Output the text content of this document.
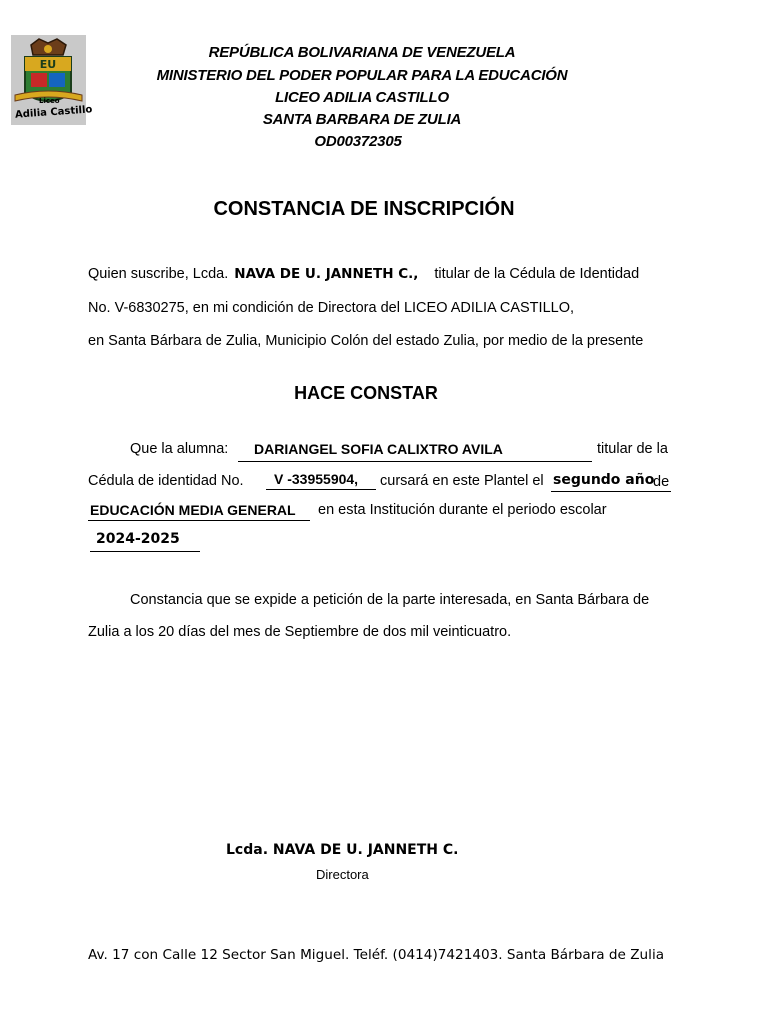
EU
Liceo
Adilia Castillo
REPÚBLICA BOLIVARIANA DE VENEZUELA
MINISTERIO DEL PODER POPULAR PARA LA EDUCACIÓN
LICEO ADILIA CASTILLO
SANTA BARBARA DE ZULIA
OD00372305
CONSTANCIA DE INSCRIPCIÓN
Quien suscribe, Lcda. NAVA DE U. JANNETH C., titular de la Cédula de Identidad
No. V-6830275, en mi condición de Directora del LICEO ADILIA CASTILLO,
en Santa Bárbara de Zulia, Municipio Colón del estado Zulia, por medio de la presente
HACE CONSTAR
Que la alumna: DARIANGEL SOFIA CALIXTRO AVILA	titular de la
Cédula de identidad No. V -33955904, cursará en este Plantel el segundo año
de
EDUCACIÓN MEDIA GENERAL en esta Institución durante el periodo escolar
2024-2025
Constancia que se expide a petición de la parte interesada, en Santa Bárbara de
Zulia a los 20 días del mes de Septiembre de dos mil veinticuatro.
Lcda. NAVA DE U. JANNETH C.
Directora
Av. 17 con Calle 12 Sector San Miguel. Teléf. (0414)7421403. Santa Bárbara de Zulia
